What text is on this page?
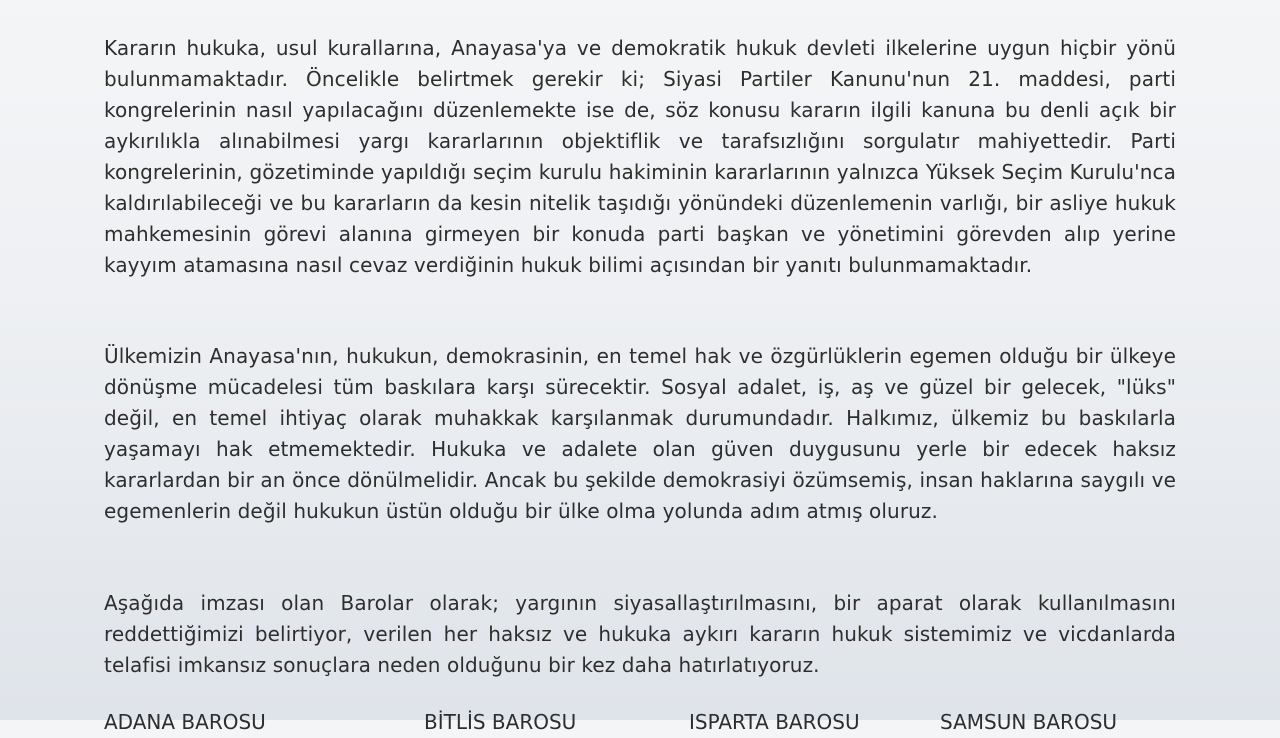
Kararın hukuka, usul kurallarına, Anayasa'ya ve demokratik hukuk devleti ilkelerine uygun hiçbir yönü bulunmamaktadır. Öncelikle belirtmek gerekir ki; Siyasi Partiler Kanunu'nun 21. maddesi, parti kongrelerinin nasıl yapılacağını düzenlemekte ise de, söz konusu kararın ilgili kanuna bu denli açık bir aykırılıkla alınabilmesi yargı kararlarının objektiflik ve tarafsızlığını sorgulatır mahiyettedir. Parti kongrelerinin, gözetiminde yapıldığı seçim kurulu hakiminin kararlarının yalnızca Yüksek Seçim Kurulu'nca kaldırılabileceği ve bu kararların da kesin nitelik taşıdığı yönündeki düzenlemenin varlığı, bir asliye hukuk mahkemesinin görevi alanına girmeyen bir konuda parti başkan ve yönetimini görevden alıp yerine kayyım atamasına nasıl cevaz verdiğinin hukuk bilimi açısından bir yanıtı bulunmamaktadır.

Ülkemizin Anayasa'nın, hukukun, demokrasinin, en temel hak ve özgürlüklerin egemen olduğu bir ülkeye dönüşme mücadelesi tüm baskılara karşı sürecektir. Sosyal adalet, iş, aş ve güzel bir gelecek, "lüks" değil, en temel ihtiyaç olarak muhakkak karşılanmak durumundadır. Halkımız, ülkemiz bu baskılarla yaşamayı hak etmemektedir. Hukuka ve adalete olan güven duygusunu yerle bir edecek haksız kararlardan bir an önce dönülmelidir. Ancak bu şekilde demokrasiyi özümsemiş, insan haklarına saygılı ve egemenlerin değil hukukun üstün olduğu bir ülke olma yolunda adım atmış oluruz.

Aşağıda imzası olan Barolar olarak; yargının siyasallaştırılmasını, bir aparat olarak kullanılmasını reddettiğimizi belirtiyor, verilen her haksız ve hukuka aykırı kararın hukuk sistemimiz ve vicdanlarda telafisi imkansız sonuçlara neden olduğunu bir kez daha hatırlatıyoruz.

ADANA BAROSU	BİTLİS BAROSU	ISPARTA BAROSU	SAMSUN BAROSU
